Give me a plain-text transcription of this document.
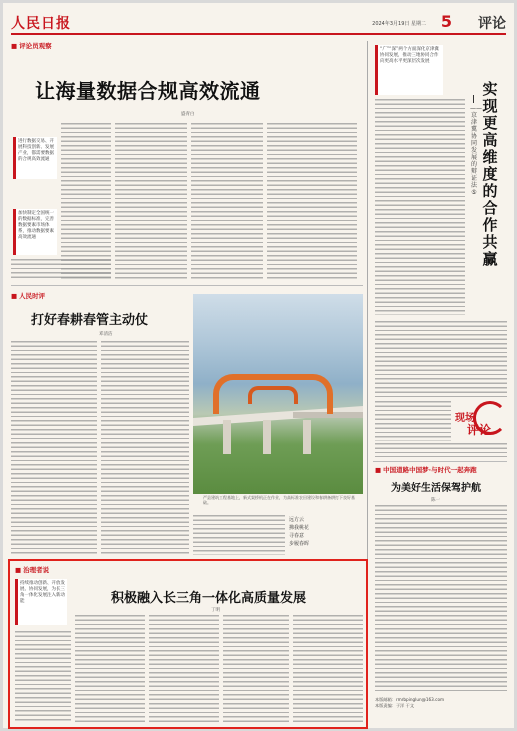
人民日报	2024年3月19日 星期二 5 评论
■ 评论员观察
让海量数据合规高效流通
盛青白
进行数据交易、开展科技创新、发展产业，都需要数据的合规高效流通
加快制定全国统一的数据标准，完善数据要素市场体系，推动数据要素高效流通
“广”“深”两个方面深化京津冀协同发展，推动三地协同合作向更高水平更深层次发展
实现更高维度的合作共赢
——京津冀协同发展的辩证法⑤
现场
评论
■ 中国道路中国梦·与时代一起奔跑
为美好生活保驾护航
陈一
■ 人民时评
打好春耕春管主动仗
邓清洁
严县建筑工程基地上，新式架桥机正在作业，为高标准农田建设和春耕备耕打下良好基础。
远方云
拂我桃花
寻春意
步履春晖
■ 治理者说
持续推动创新、开放发展、协同发展，为长三角一体化发展注入新动能	积极融入长三角一体化高质量发展
丁明
本版邮箱：rmrbpinglun@163.com
本版责编：于洋 于文
